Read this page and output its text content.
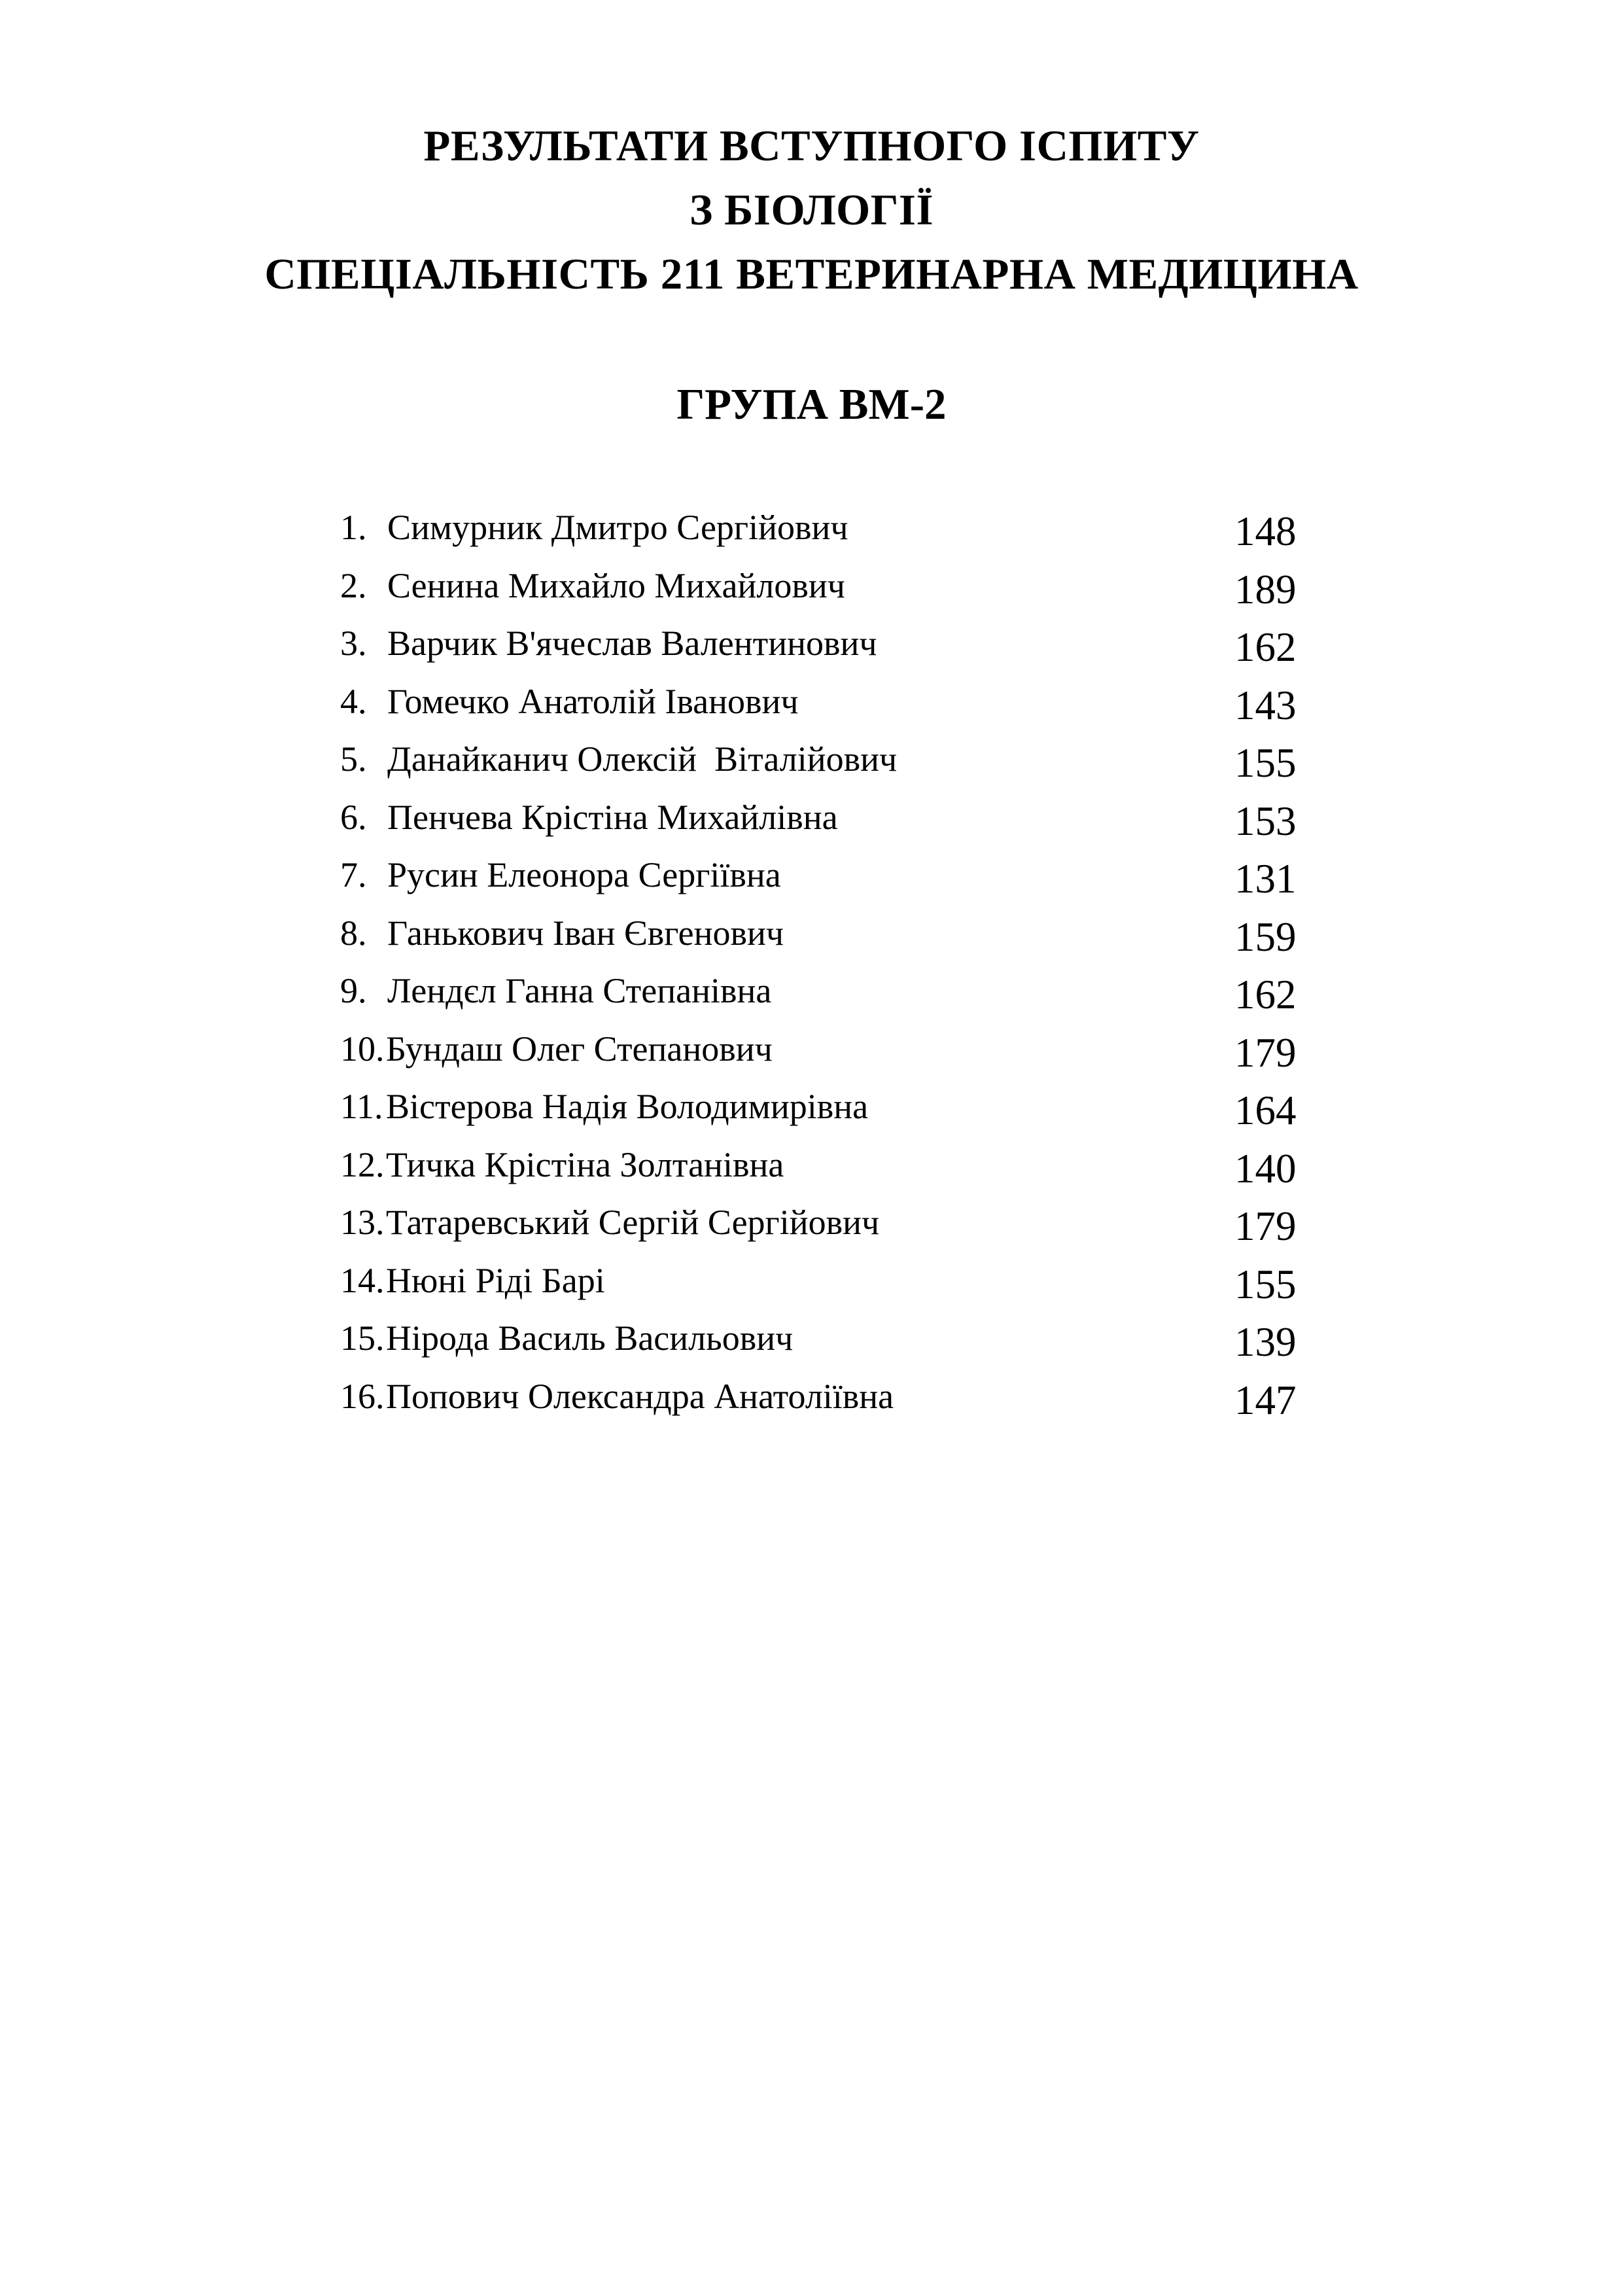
РЕЗУЛЬТАТИ ВСТУПНОГО ІСПИТУ
З БІОЛОГІЇ
СПЕЦІАЛЬНІСТЬ 211 ВЕТЕРИНАРНА МЕДИЦИНА
ГРУПА ВМ-2
1. Симурник Дмитро Сергійович	148
2. Сенина Михайло Михайлович	189
3. Варчик В'ячеслав Валентинович	162
4. Гомечко Анатолій Іванович	143
5. Данайканич Олексій  Віталійович	155
6. Пенчева Крістіна Михайлівна	153
7. Русин Елеонора Сергіївна	131
8. Ганькович Іван Євгенович	159
9. Лендєл Ганна Степанівна	162
10. Бундаш Олег Степанович	179
11. Вістерова Надія Володимирівна	164
12. Тичка Крістіна Золтанівна	140
13. Татаревський Сергій Сергійович	179
14. Нюні Ріді Барі	155
15. Нірода Василь Васильович	139
16. Попович Олександра Анатоліївна	147
